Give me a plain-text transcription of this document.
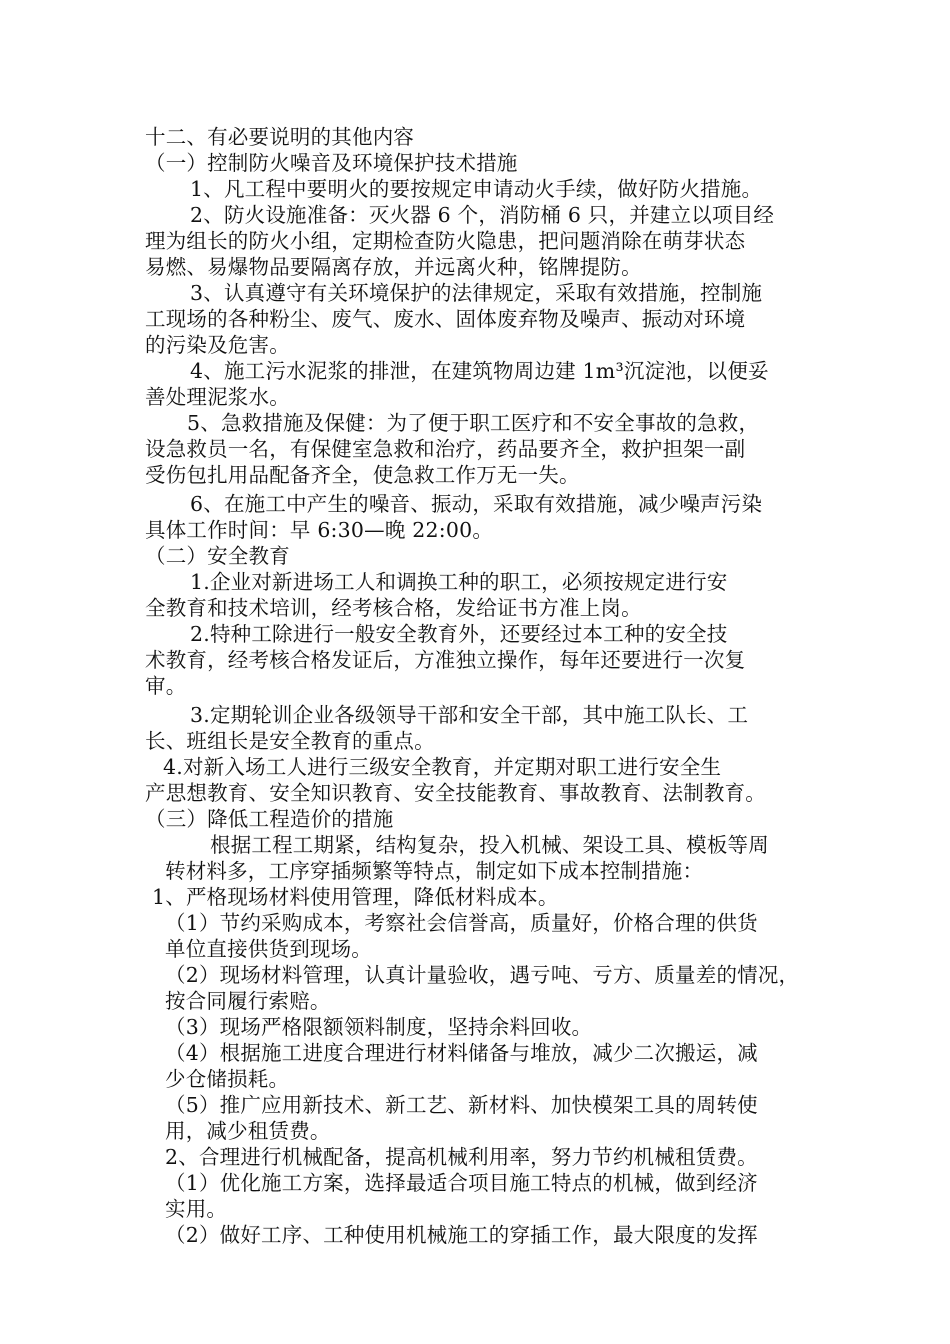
十二、有必要说明的其他内容
（一）控制防火噪音及环境保护技术措施
1、凡工程中要明火的要按规定申请动火手续，做好防火措施。
2、防火设施准备：灭火器 6 个，消防桶 6 只，并建立以项目经
理为组长的防火小组，定期检查防火隐患，把问题消除在萌芽状态
易燃、易爆物品要隔离存放，并远离火种，铭牌提防。
3、认真遵守有关环境保护的法律规定，采取有效措施，控制施
工现场的各种粉尘、废气、废水、固体废弃物及噪声、振动对环境
的污染及危害。
4、施工污水泥浆的排泄，在建筑物周边建 1m³沉淀池，以便妥
善处理泥浆水。
5、急救措施及保健：为了便于职工医疗和不安全事故的急救，
设急救员一名，有保健室急救和治疗，药品要齐全，救护担架一副
受伤包扎用品配备齐全，使急救工作万无一失。
6、在施工中产生的噪音、振动，采取有效措施，减少噪声污染
具体工作时间：早 6:30—晚 22:00。
（二）安全教育
1.企业对新进场工人和调换工种的职工，必须按规定进行安
全教育和技术培训，经考核合格，发给证书方准上岗。
2.特种工除进行一般安全教育外，还要经过本工种的安全技
术教育，经考核合格发证后，方准独立操作，每年还要进行一次复
审。
3.定期轮训企业各级领导干部和安全干部，其中施工队长、工
长、班组长是安全教育的重点。
4.对新入场工人进行三级安全教育，并定期对职工进行安全生
产思想教育、安全知识教育、安全技能教育、事故教育、法制教育。
（三）降低工程造价的措施
根据工程工期紧，结构复杂，投入机械、架设工具、模板等周
转材料多，工序穿插频繁等特点，制定如下成本控制措施：
1、严格现场材料使用管理，降低材料成本。
（1）节约采购成本，考察社会信誉高，质量好，价格合理的供货
单位直接供货到现场。
（2）现场材料管理，认真计量验收，遇亏吨、亏方、质量差的情况，
按合同履行索赔。
（3）现场严格限额领料制度，坚持余料回收。
（4）根据施工进度合理进行材料储备与堆放，减少二次搬运，减
少仓储损耗。
（5）推广应用新技术、新工艺、新材料、加快模架工具的周转使
用，减少租赁费。
2、合理进行机械配备，提高机械利用率，努力节约机械租赁费。
（1）优化施工方案，选择最适合项目施工特点的机械，做到经济
实用。
（2）做好工序、工种使用机械施工的穿插工作，最大限度的发挥
